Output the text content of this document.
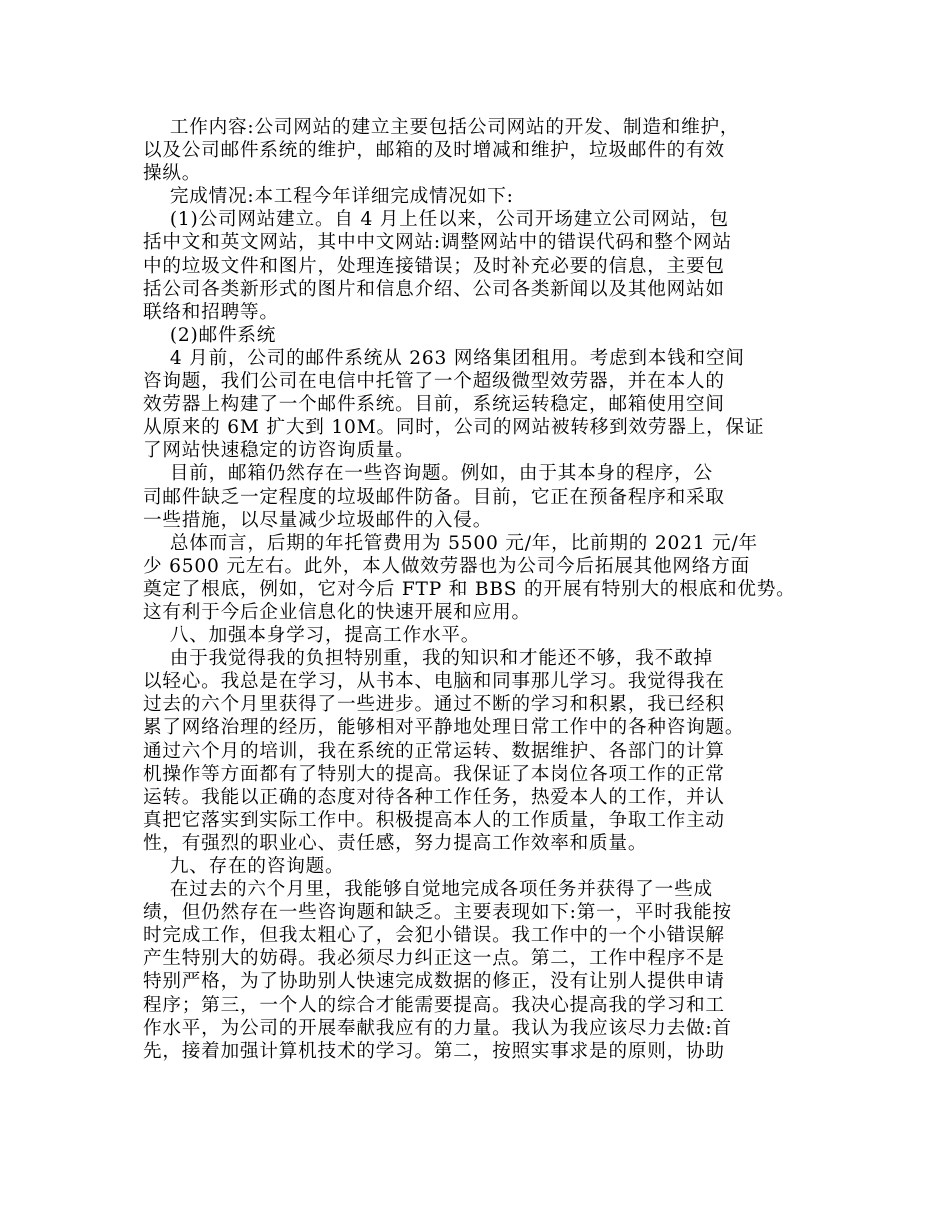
工作内容:公司网站的建立主要包括公司网站的开发、制造和维护，
以及公司邮件系统的维护，邮箱的及时增减和维护，垃圾邮件的有效
操纵。
完成情况:本工程今年详细完成情况如下:
(1)公司网站建立。自 4 月上任以来，公司开场建立公司网站，包
括中文和英文网站，其中中文网站:调整网站中的错误代码和整个网站
中的垃圾文件和图片，处理连接错误；及时补充必要的信息，主要包
括公司各类新形式的图片和信息介绍、公司各类新闻以及其他网站如
联络和招聘等。
(2)邮件系统
4 月前，公司的邮件系统从 263 网络集团租用。考虑到本钱和空间
咨询题，我们公司在电信中托管了一个超级微型效劳器，并在本人的
效劳器上构建了一个邮件系统。目前，系统运转稳定，邮箱使用空间
从原来的 6M 扩大到 10M。同时，公司的网站被转移到效劳器上，保证
了网站快速稳定的访咨询质量。
目前，邮箱仍然存在一些咨询题。例如，由于其本身的程序，公
司邮件缺乏一定程度的垃圾邮件防备。目前，它正在预备程序和采取
一些措施，以尽量减少垃圾邮件的入侵。
总体而言，后期的年托管费用为 5500 元/年，比前期的 2021 元/年
少 6500 元左右。此外，本人做效劳器也为公司今后拓展其他网络方面
奠定了根底，例如，它对今后 FTP 和 BBS 的开展有特别大的根底和优势。
这有利于今后企业信息化的快速开展和应用。
八、加强本身学习，提高工作水平。
由于我觉得我的负担特别重，我的知识和才能还不够，我不敢掉
以轻心。我总是在学习，从书本、电脑和同事那儿学习。我觉得我在
过去的六个月里获得了一些进步。通过不断的学习和积累，我已经积
累了网络治理的经历，能够相对平静地处理日常工作中的各种咨询题。
通过六个月的培训，我在系统的正常运转、数据维护、各部门的计算
机操作等方面都有了特别大的提高。我保证了本岗位各项工作的正常
运转。我能以正确的态度对待各种工作任务，热爱本人的工作，并认
真把它落实到实际工作中。积极提高本人的工作质量，争取工作主动
性，有强烈的职业心、责任感，努力提高工作效率和质量。
九、存在的咨询题。
在过去的六个月里，我能够自觉地完成各项任务并获得了一些成
绩，但仍然存在一些咨询题和缺乏。主要表现如下:第一，平时我能按
时完成工作，但我太粗心了，会犯小错误。我工作中的一个小错误解
产生特别大的妨碍。我必须尽力纠正这一点。第二，工作中程序不是
特别严格，为了协助别人快速完成数据的修正，没有让别人提供申请
程序；第三，一个人的综合才能需要提高。我决心提高我的学习和工
作水平，为公司的开展奉献我应有的力量。我认为我应该尽力去做:首
先，接着加强计算机技术的学习。第二，按照实事求是的原则，协助
